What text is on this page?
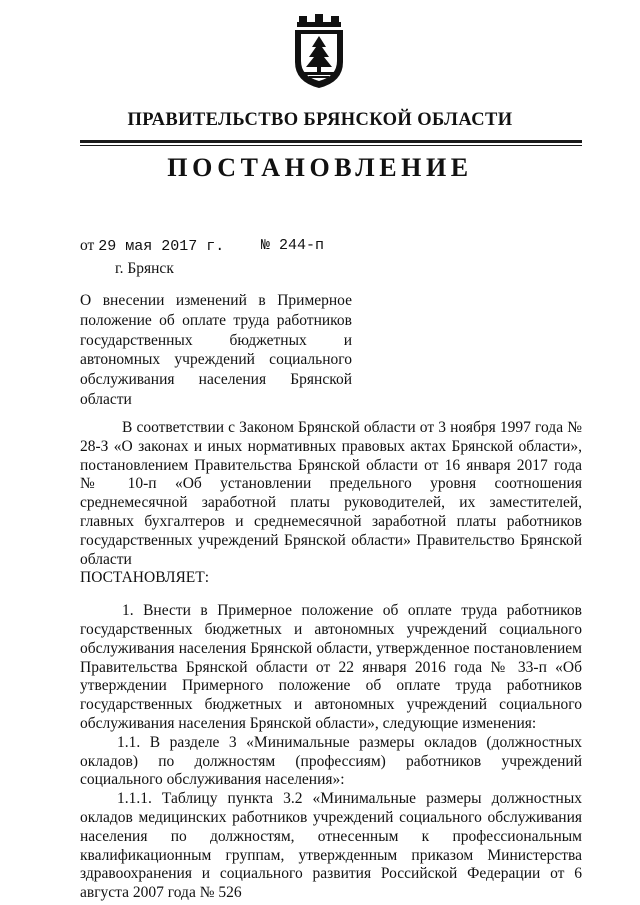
ПРАВИТЕЛЬСТВО БРЯНСКОЙ ОБЛАСТИ
ПОСТАНОВЛЕНИЕ
от 29 мая 2017 г. № 244-п
г. Брянск
О внесении изменений в Примерное положение об оплате труда работников государственных бюджетных и автономных учреждений социального обслуживания населения Брянской области

В соответствии с Законом Брянской области от 3 ноября 1997 года № 28-З «О законах и иных нормативных правовых актах Брянской области», постановлением Правительства Брянской области от 16 января 2017 года № 10-п «Об установлении предельного уровня соотношения среднемесячной заработной платы руководителей, их заместителей, главных бухгалтеров и среднемесячной заработной платы работников государственных учреждений Брянской области» Правительство Брянской области

ПОСТАНОВЛЯЕТ:

1. Внести в Примерное положение об оплате труда работников государственных бюджетных и автономных учреждений социального обслуживания населения Брянской области, утвержденное постановлением Правительства Брянской области от 22 января 2016 года № 33-п «Об утверждении Примерного положение об оплате труда работников государственных бюджетных и автономных учреждений социального обслуживания населения Брянской области», следующие изменения:

1.1. В разделе 3 «Минимальные размеры окладов (должностных окладов) по должностям (профессиям) работников учреждений социального обслуживания населения»:

1.1.1. Таблицу пункта 3.2 «Минимальные размеры должностных окладов медицинских работников учреждений социального обслуживания населения по должностям, отнесенным к профессиональным квалификационным группам, утвержденным приказом Министерства здравоохранения и социального развития Российской Федерации от 6 августа 2007 года № 526
